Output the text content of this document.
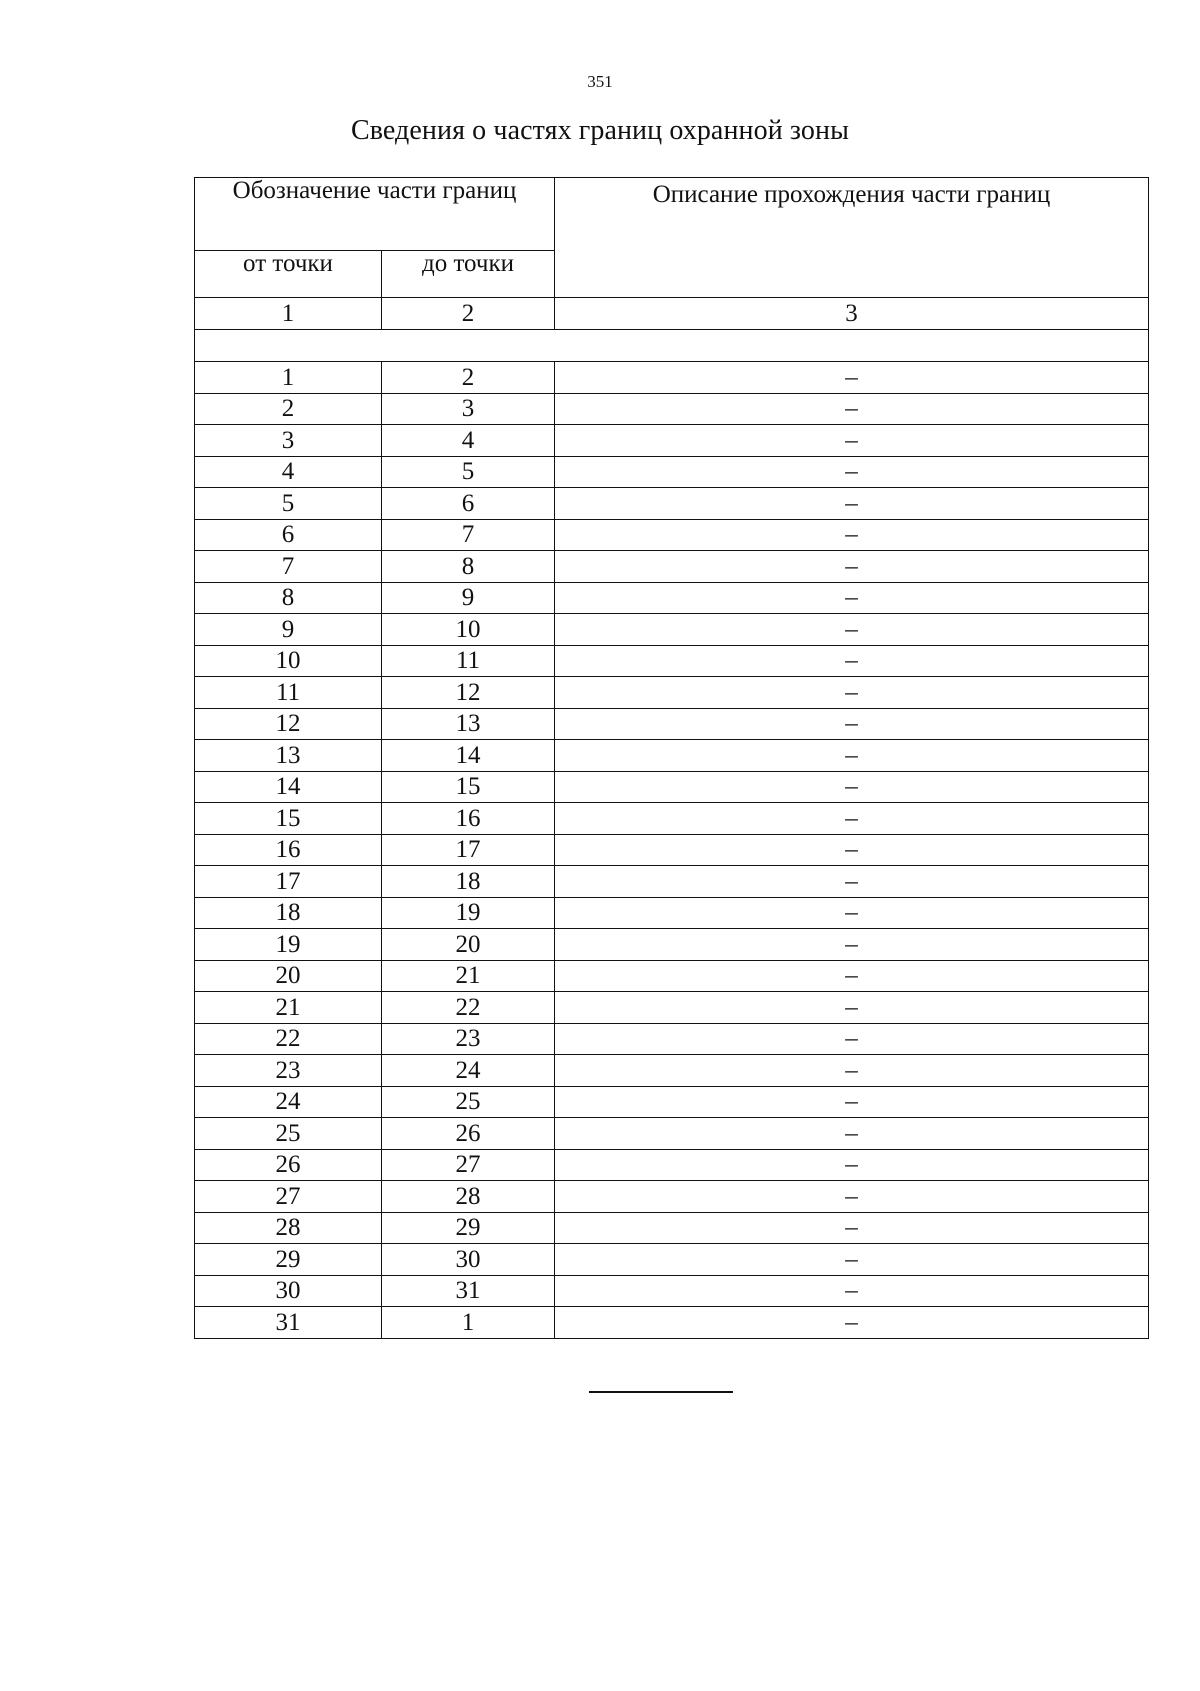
351
Сведения о частях границ охранной зоны
Обозначение части границ		Описание прохождения части границ
от точки	до точки	
1	2	3

1	2	–
2	3	–
3	4	–
4	5	–
5	6	–
6	7	–
7	8	–
8	9	–
9	10	–
10	11	–
11	12	–
12	13	–
13	14	–
14	15	–
15	16	–
16	17	–
17	18	–
18	19	–
19	20	–
20	21	–
21	22	–
22	23	–
23	24	–
24	25	–
25	26	–
26	27	–
27	28	–
28	29	–
29	30	–
30	31	–
31	1	–
